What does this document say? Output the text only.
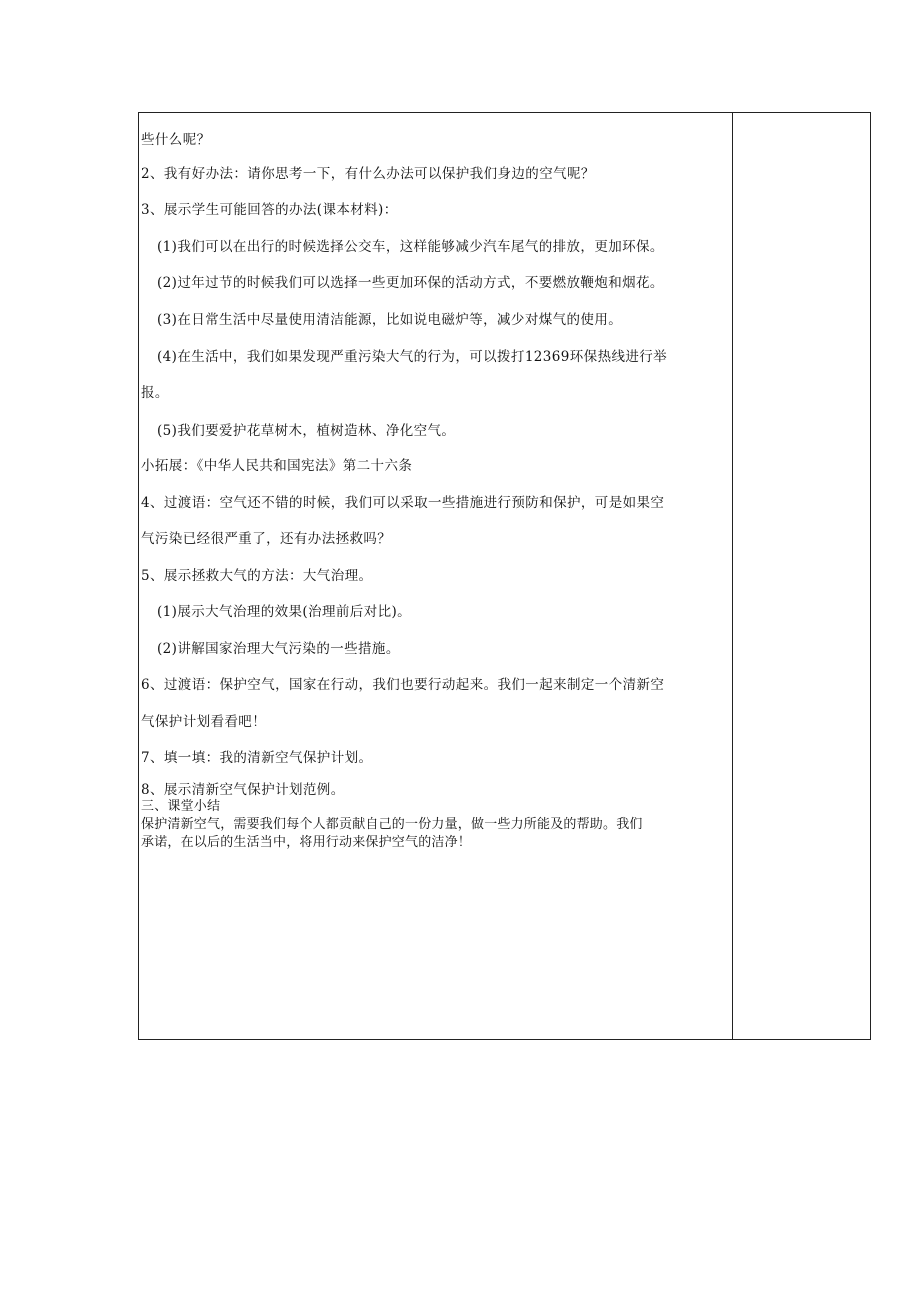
些什么呢？
2、我有好办法：请你思考一下，有什么办法可以保护我们身边的空气呢？
3、展示学生可能回答的办法(课本材料)：
(1)我们可以在出行的时候选择公交车，这样能够减少汽车尾气的排放，更加环保。
(2)过年过节的时候我们可以选择一些更加环保的活动方式，不要燃放鞭炮和烟花。
(3)在日常生活中尽量使用清洁能源，比如说电磁炉等，减少对煤气的使用。
(4)在生活中，我们如果发现严重污染大气的行为，可以拨打12369环保热线进行举
报。
(5)我们要爱护花草树木，植树造林、净化空气。
小拓展：《中华人民共和国宪法》第二十六条
4、过渡语：空气还不错的时候，我们可以采取一些措施进行预防和保护，可是如果空
气污染已经很严重了，还有办法拯救吗？
5、展示拯救大气的方法：大气治理。
(1)展示大气治理的效果(治理前后对比)。
(2)讲解国家治理大气污染的一些措施。
6、过渡语：保护空气，国家在行动，我们也要行动起来。我们一起来制定一个清新空
气保护计划看看吧！
7、填一填：我的清新空气保护计划。
8、展示清新空气保护计划范例。
三、课堂小结
保护清新空气，需要我们每个人都贡献自己的一份力量，做一些力所能及的帮助。我们
承诺，在以后的生活当中，将用行动来保护空气的洁净！
